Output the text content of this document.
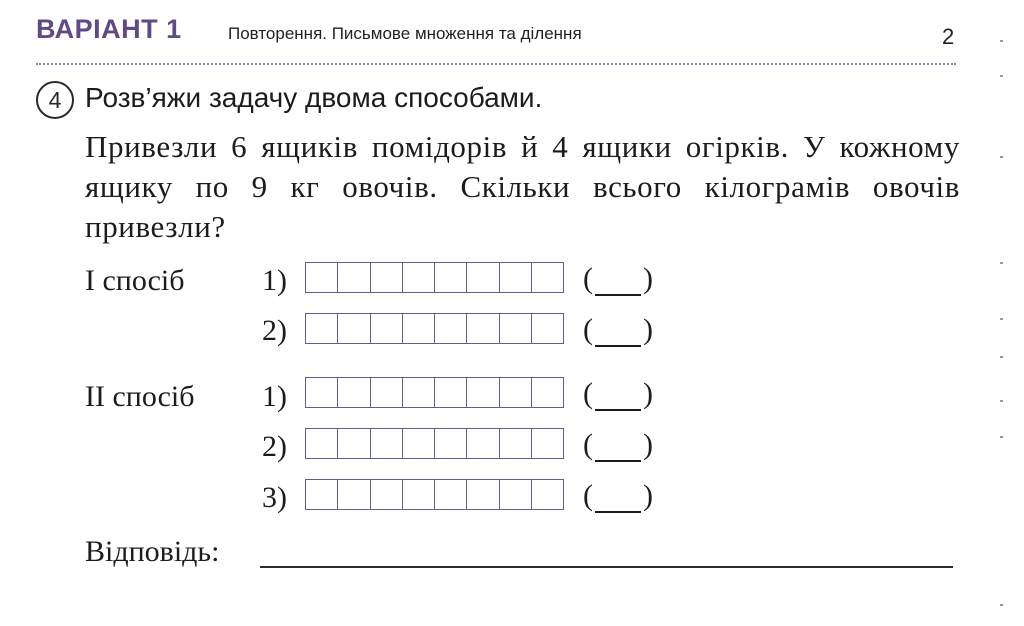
ВАРІАНТ 1	Повторення. Письмове множення та ділення	2
4 Розв’яжи задачу двома способами.
Привезли 6 ящиків помідорів й 4 ящики огірків. У кожному ящику по 9 кг овочів. Скільки всього кілограмів овочів привезли?
І спосіб	1)	( )
2)	( )
ІІ спосіб 1)	( )
2)	( )
3)	( )
Відповідь:
